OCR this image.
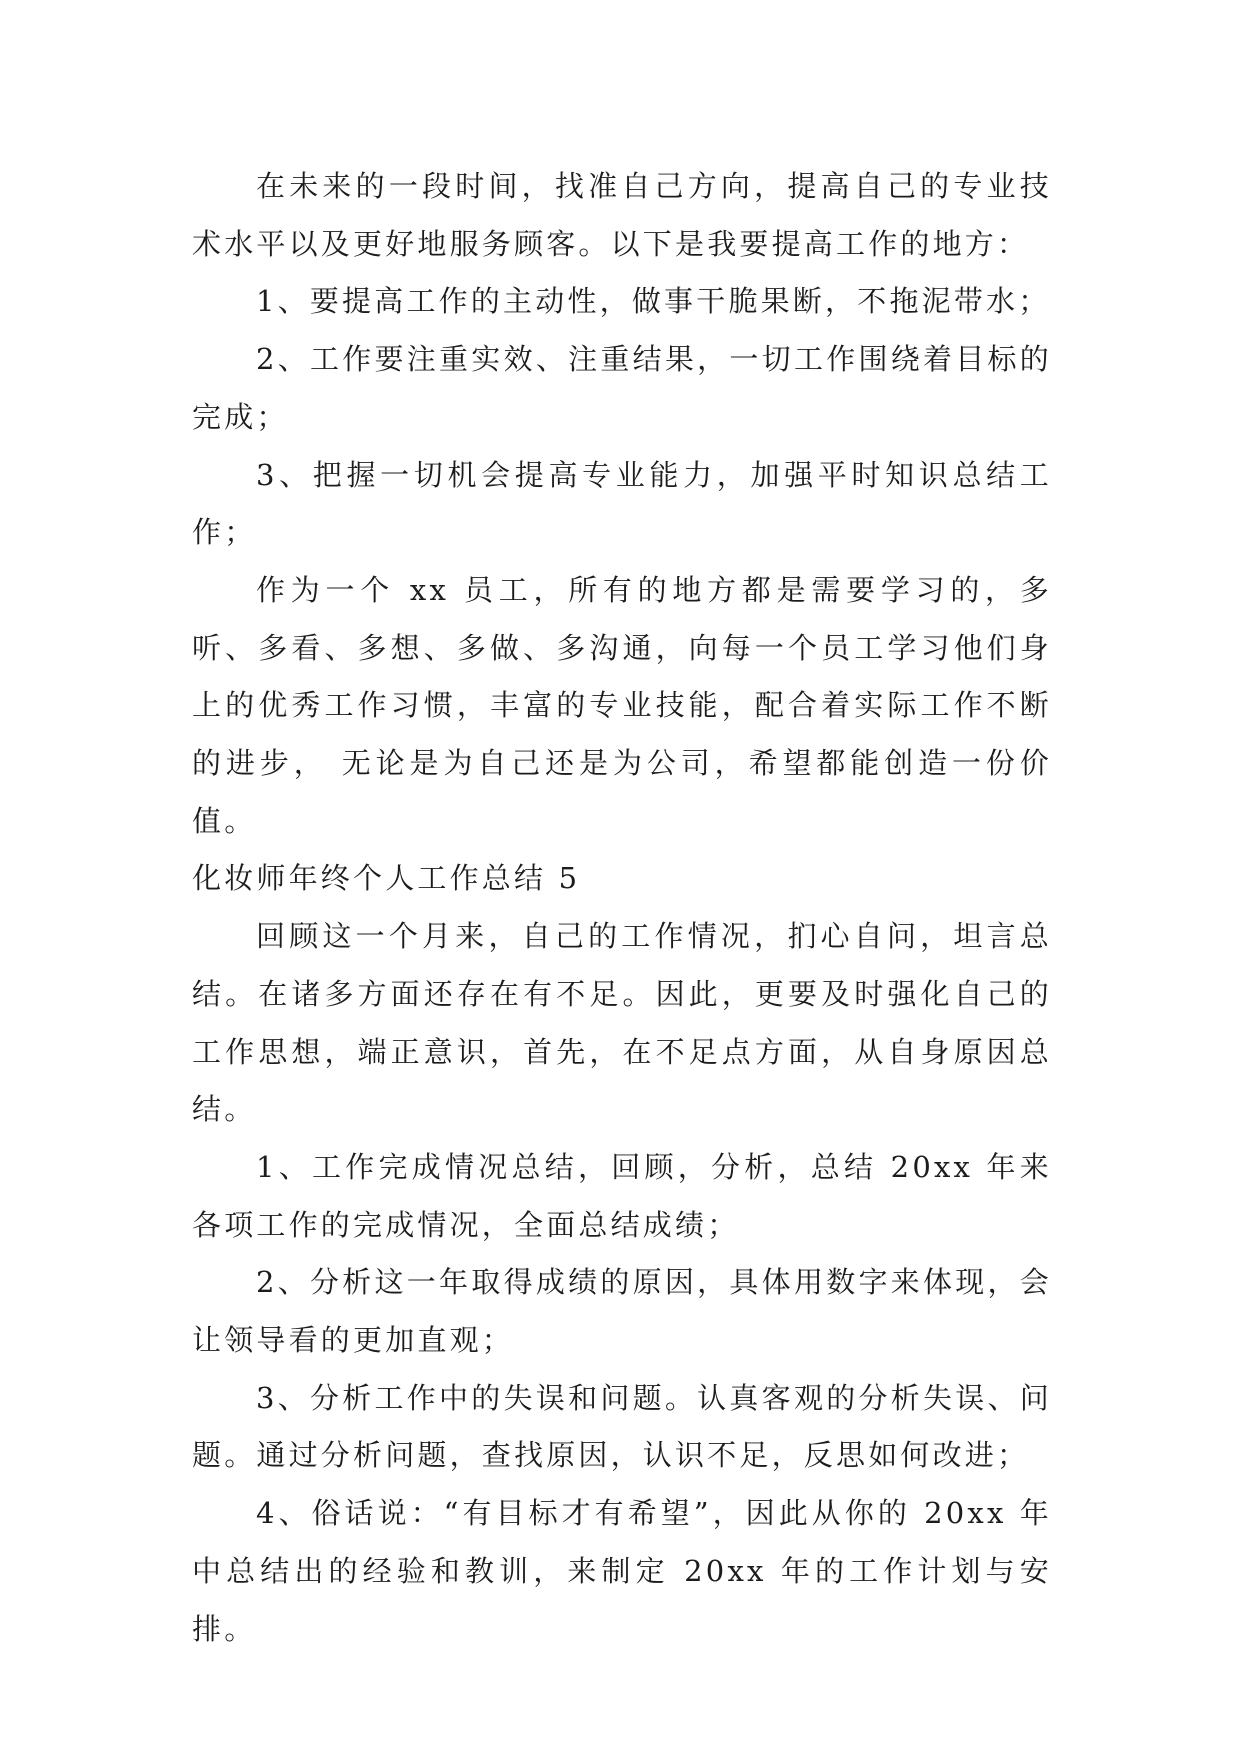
在未来的一段时间，找准自己方向，提高自己的专业技术水平以及更好地服务顾客。以下是我要提高工作的地方：

1、要提高工作的主动性，做事干脆果断，不拖泥带水；

2、工作要注重实效、注重结果，一切工作围绕着目标的完成；

3、把握一切机会提高专业能力，加强平时知识总结工作；

作为一个 xx 员工，所有的地方都是需要学习的，多听、多看、多想、多做、多沟通，向每一个员工学习他们身上的优秀工作习惯，丰富的专业技能，配合着实际工作不断的进步， 无论是为自己还是为公司，希望都能创造一份价值。

化妆师年终个人工作总结 5

回顾这一个月来，自己的工作情况，扪心自问，坦言总结。在诸多方面还存在有不足。因此，更要及时强化自己的工作思想，端正意识，首先，在不足点方面，从自身原因总结。

1、工作完成情况总结，回顾，分析，总结 20xx 年来各项工作的完成情况，全面总结成绩；

2、分析这一年取得成绩的原因，具体用数字来体现，会让领导看的更加直观；

3、分析工作中的失误和问题。认真客观的分析失误、问题。通过分析问题，查找原因，认识不足，反思如何改进；

4、俗话说：“有目标才有希望”，因此从你的 20xx 年中总结出的经验和教训，来制定 20xx 年的工作计划与安排。
